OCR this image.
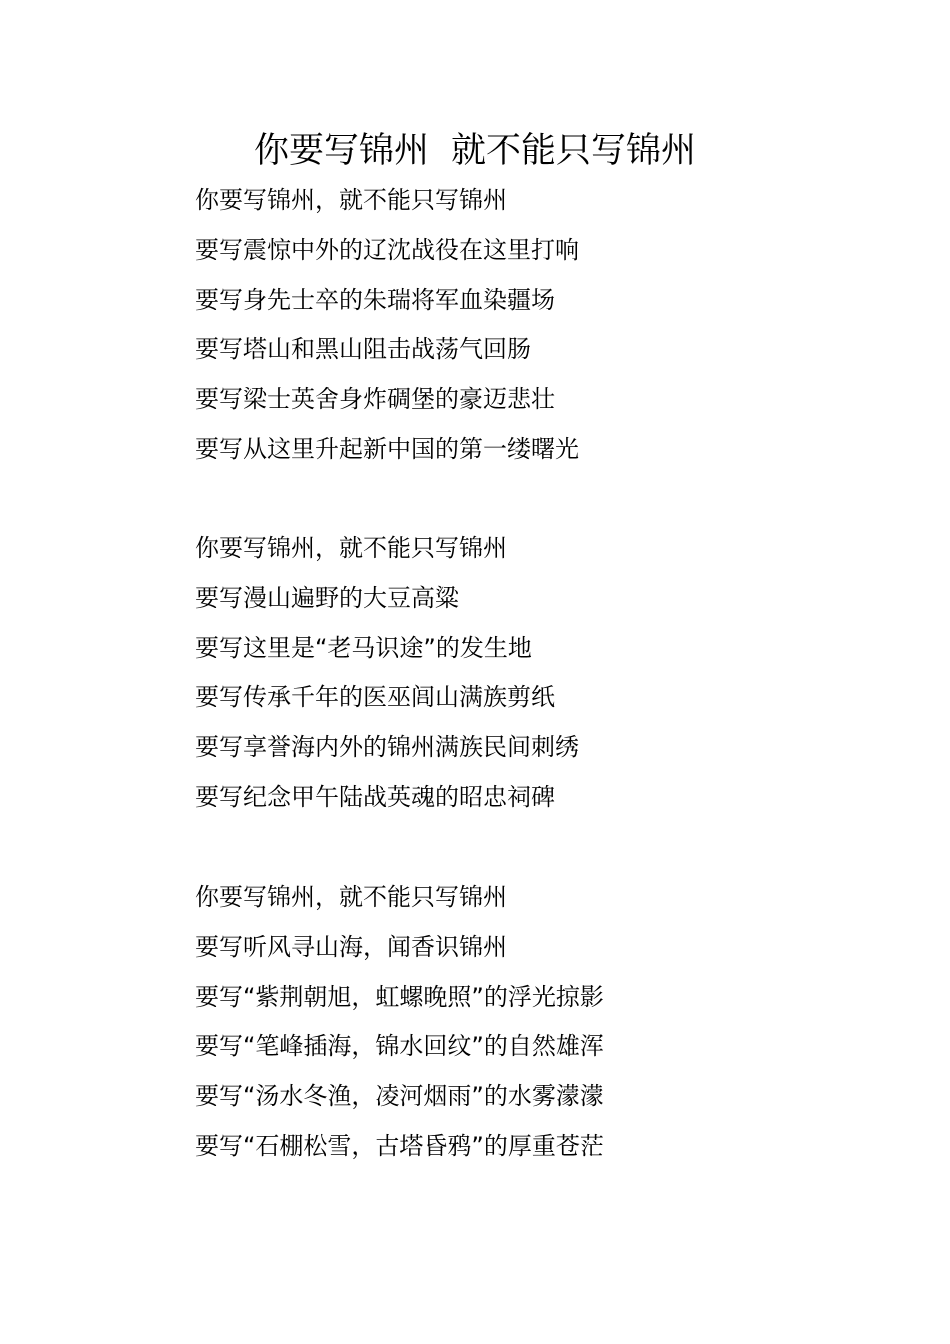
你要写锦州 就不能只写锦州
你要写锦州，就不能只写锦州
要写震惊中外的辽沈战役在这里打响
要写身先士卒的朱瑞将军血染疆场
要写塔山和黑山阻击战荡气回肠
要写梁士英舍身炸碉堡的豪迈悲壮
要写从这里升起新中国的第一缕曙光
你要写锦州，就不能只写锦州
要写漫山遍野的大豆高粱
要写这里是“老马识途”的发生地
要写传承千年的医巫闾山满族剪纸
要写享誉海内外的锦州满族民间刺绣
要写纪念甲午陆战英魂的昭忠祠碑
你要写锦州，就不能只写锦州
要写听风寻山海，闻香识锦州
要写“紫荆朝旭，虹螺晚照”的浮光掠影
要写“笔峰插海，锦水回纹”的自然雄浑
要写“汤水冬渔，凌河烟雨”的水雾濛濛
要写“石棚松雪，古塔昏鸦”的厚重苍茫
